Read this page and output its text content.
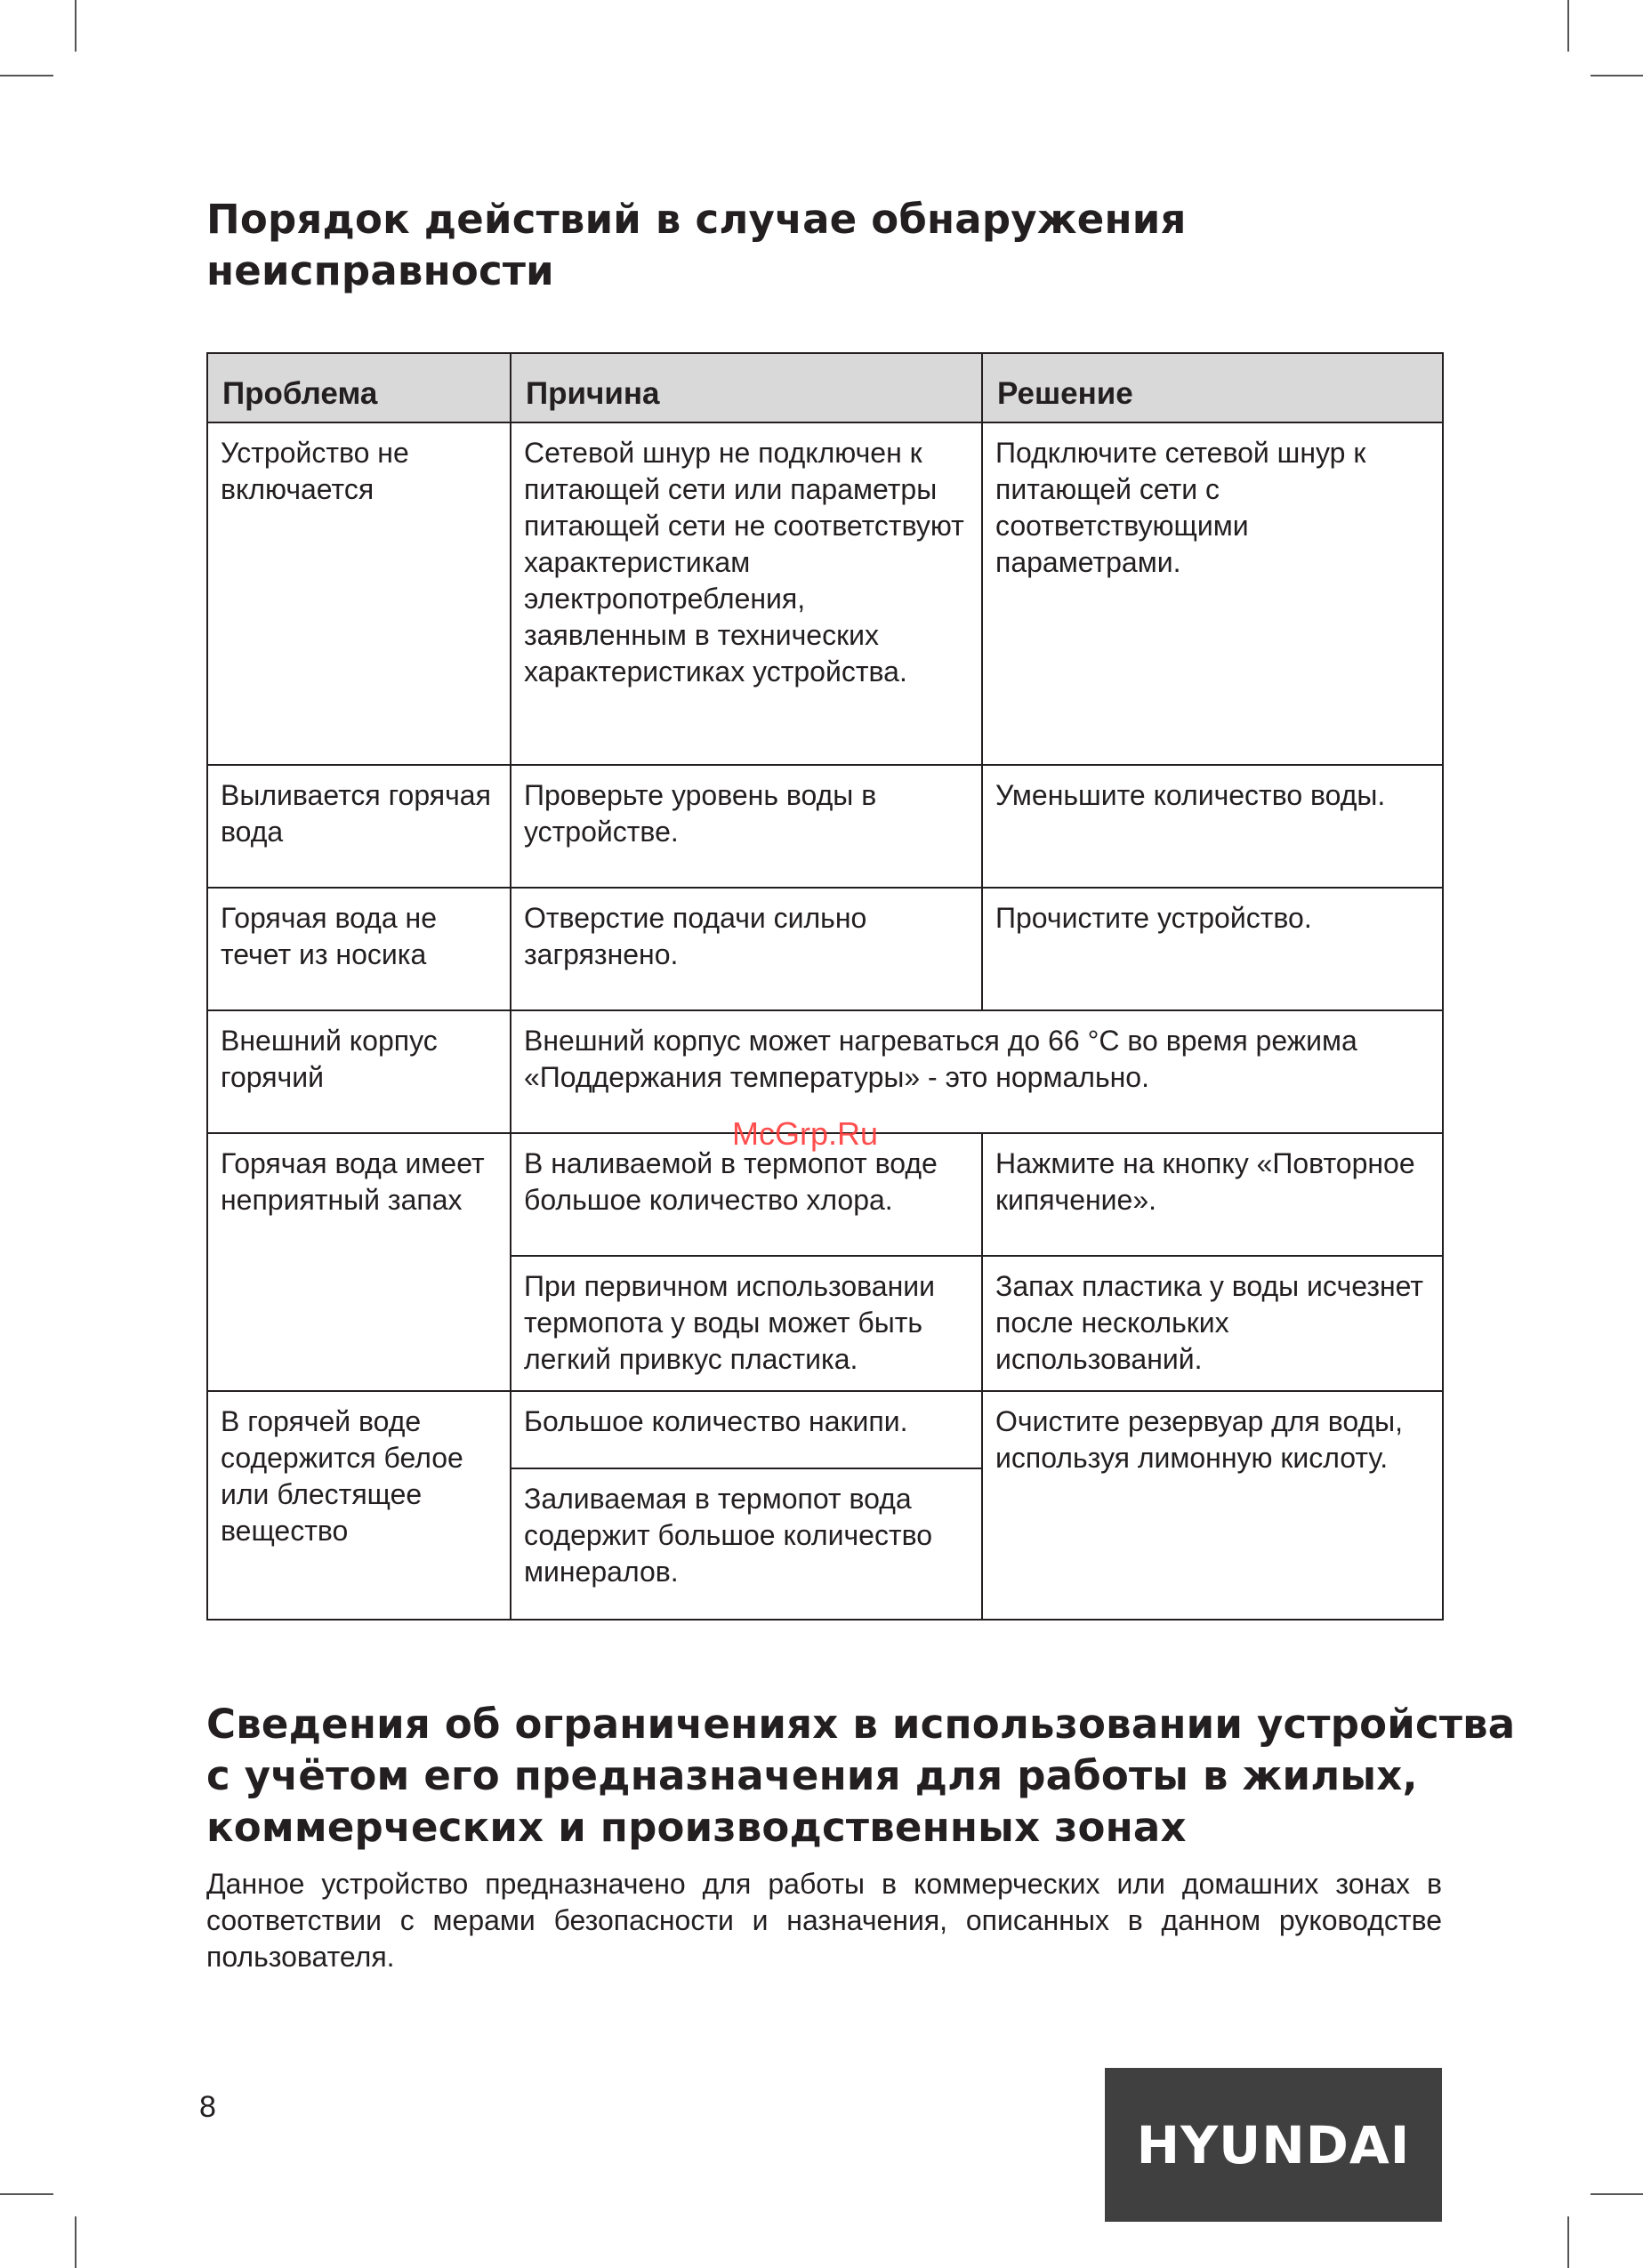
Порядок действий в случае обнаружения
неисправности
Проблема	Причина	Решение
Устройство не включается	Сетевой шнур не подключен к питающей сети или параметры питающей сети не соответствуют характеристикам электропотребления, заявленным в технических характеристиках устройства.	Подключите сетевой шнур к питающей сети с соответствующими параметрами.
Выливается горячая вода	Проверьте уровень воды в устройстве.	Уменьшите количество воды.
Горячая вода не течет из носика	Отверстие подачи сильно загрязнено.	Прочистите устройство.
Внешний корпус горячий	Внешний корпус может нагреваться до 66 °C во время режима «Поддержания температуры» - это нормально.	
Горячая вода имеет неприятный запах	В наливаемой в термопот воде большое количество хлора.	Нажмите на кнопку «Повторное кипячение».
	При первичном использовании термопота у воды может быть легкий привкус пластика.	Запах пластика у воды исчезнет после нескольких использований.
В горячей воде содержится белое или блестящее вещество	Большое количество накипи.	Очистите резервуар для воды, используя лимонную кислоту.
	Заливаемая в термопот вода содержит большое количество минералов.	
McGrp.Ru
Сведения об ограничениях в использовании устройства
с учётом его предназначения для работы в жилых,
коммерческих и производственных зонах

Данное устройство предназначено для работы в коммерческих или домашних зонах в
соответствии с мерами безопасности и назначения, описанных в данном руководстве
пользователя.

8
HYUNDAI
